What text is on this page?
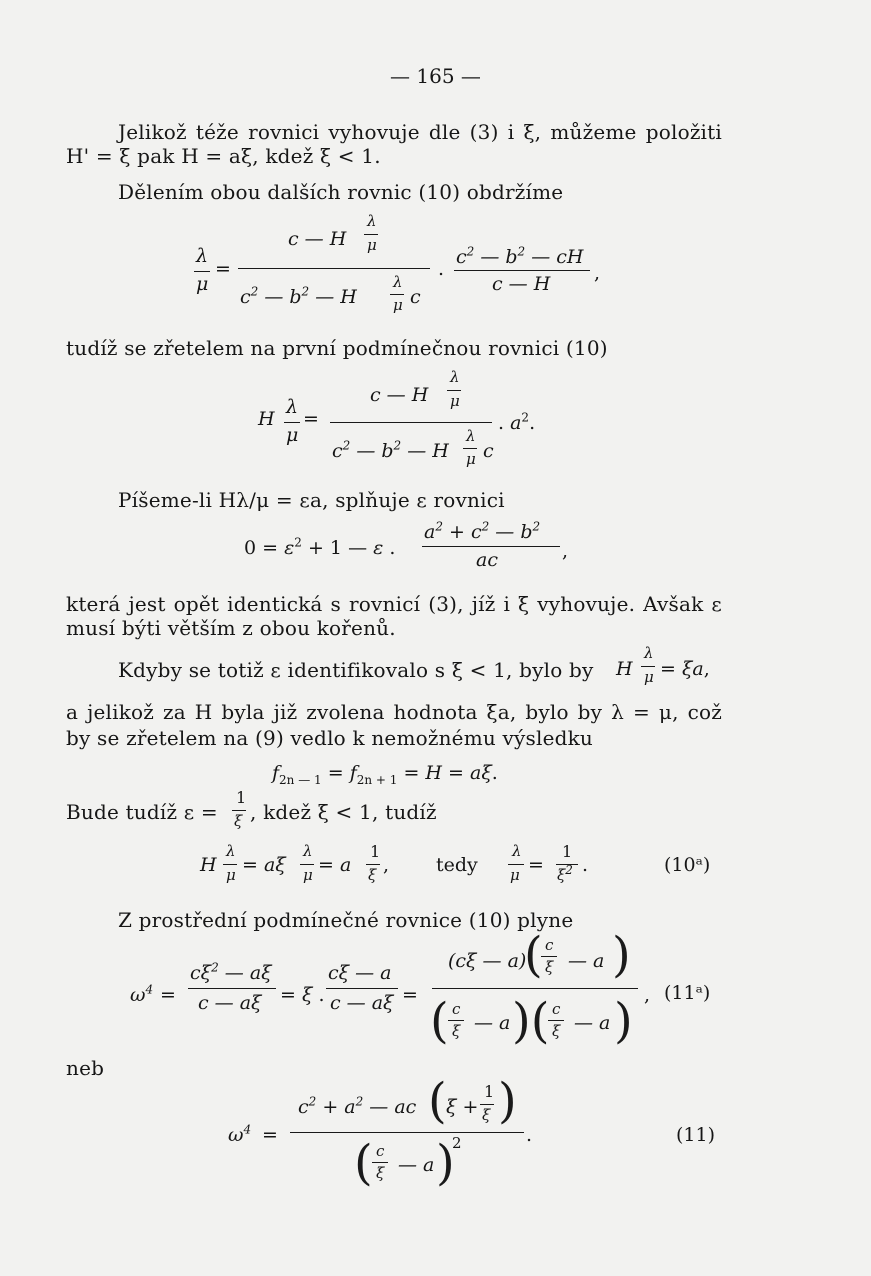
— 165 —
Jelikož téže rovnici vyhovuje dle (3) i ξ, můžeme položiti
H' = ξ pak H = aξ, kdež ξ < 1.
Dělením obou dalších rovnic (10) obdržíme
λ
μ
=
c — H
λ
μ
$c^2$ — $b^2$ — H
λ
μ c
.
$c^2$ — $b^2$ — cH
c — H ,
tudíž se zřetelem na první podmínečnou rovnici (10)
H
λ
μ
=
c — H
λ
μ
$c^2$ — $b^2$ — H
λ
μ c
. $a^2$.
Píšeme-li Hλ/μ = εa, splňuje ε rovnici
$0 = \varepsilon^2 + 1$ — ε .
$a^2 + c^2$ — $b^2$
ac	,
která jest opět identická s rovnicí (3), jíž i ξ vyhovuje. Avšak ε
musí býti větším z obou kořenů.
Kdyby se totiž ε identifikovalo s ξ < 1, bylo by H
λ
μ = ξa,
a jelikož za H byla již zvolena hodnota ξa, bylo by λ = μ, což
by se zřetelem na (9) vedlo k nemožnému výsledku
$f_{2n — 1} = f_{2n + 1} = H = a\xi$.
Bude tudíž ε =
1
ξ , kdež ξ < 1, tudíž
H
λ
μ = aξ
λ
μ = a
1
ξ , tedy
λ
μ =
1
$\xi^2$ .	(10ᵃ)
Z prostřední podmínečné rovnice (10) plyne
$\omega^4$ =
$c\xi^2$ — aξ
c — aξ = ξ .
cξ — a
c — aξ =
(cξ — a)
( c
ξ — a )
( c
ξ — a )( c
ξ — a ) , (11ᵃ)
neb
$\omega^4$ =
$c^2 + a^2$ — ac ( ξ +
1
ξ )
( c
ξ — a )
2	.	(11)
